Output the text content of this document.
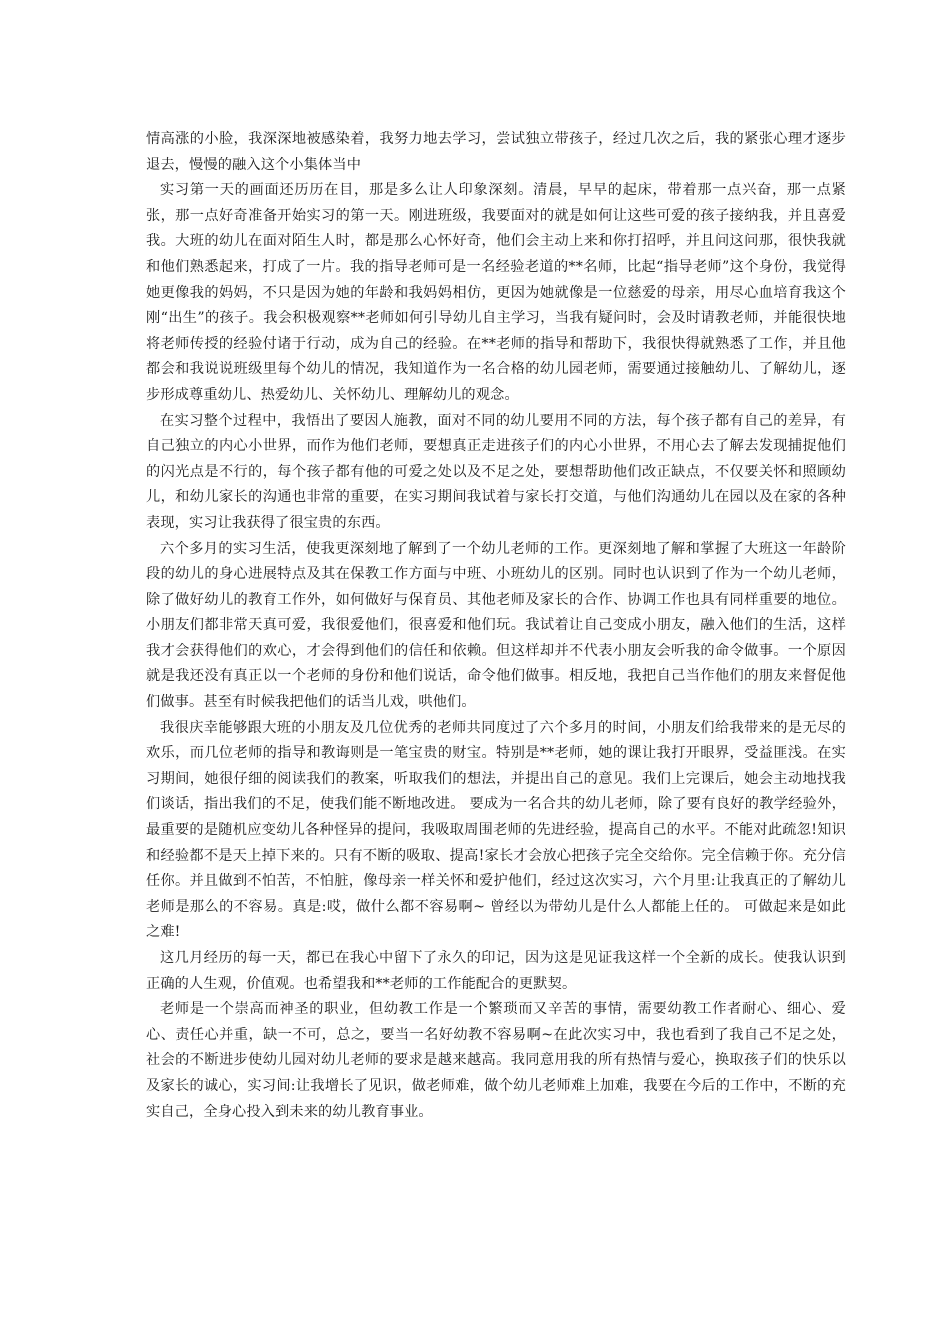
情高涨的小脸，我深深地被感染着，我努力地去学习，尝试独立带孩子，经过几次之后，我的紧张心理才逐步退去，慢慢的融入这个小集体当中

实习第一天的画面还历历在目，那是多么让人印象深刻。清晨，早早的起床，带着那一点兴奋，那一点紧张，那一点好奇准备开始实习的第一天。刚进班级，我要面对的就是如何让这些可爱的孩子接纳我，并且喜爱我。大班的幼儿在面对陌生人时，都是那么心怀好奇，他们会主动上来和你打招呼，并且问这问那，很快我就和他们熟悉起来，打成了一片。我的指导老师可是一名经验老道的**名师，比起“指导老师”这个身份，我觉得她更像我的妈妈，不只是因为她的年龄和我妈妈相仿，更因为她就像是一位慈爱的母亲，用尽心血培育我这个刚“出生”的孩子。我会积极观察**老师如何引导幼儿自主学习，当我有疑问时，会及时请教老师，并能很快地将老师传授的经验付诸于行动，成为自己的经验。在**老师的指导和帮助下，我很快得就熟悉了工作，并且他都会和我说说班级里每个幼儿的情况，我知道作为一名合格的幼儿园老师，需要通过接触幼儿、了解幼儿，逐步形成尊重幼儿、热爱幼儿、关怀幼儿、理解幼儿的观念。

在实习整个过程中，我悟出了要因人施教，面对不同的幼儿要用不同的方法，每个孩子都有自己的差异，有自己独立的内心小世界，而作为他们老师，要想真正走进孩子们的内心小世界，不用心去了解去发现捕捉他们的闪光点是不行的，每个孩子都有他的可爱之处以及不足之处，要想帮助他们改正缺点，不仅要关怀和照顾幼儿，和幼儿家长的沟通也非常的重要，在实习期间我试着与家长打交道，与他们沟通幼儿在园以及在家的各种表现，实习让我获得了很宝贵的东西。

六个多月的实习生活，使我更深刻地了解到了一个幼儿老师的工作。更深刻地了解和掌握了大班这一年龄阶段的幼儿的身心进展特点及其在保教工作方面与中班、小班幼儿的区别。同时也认识到了作为一个幼儿老师，除了做好幼儿的教育工作外，如何做好与保育员、其他老师及家长的合作、协调工作也具有同样重要的地位。 小朋友们都非常天真可爱，我很爱他们，很喜爱和他们玩。我试着让自己变成小朋友，融入他们的生活，这样我才会获得他们的欢心，才会得到他们的信任和依赖。但这样却并不代表小朋友会听我的命令做事。一个原因就是我还没有真正以一个老师的身份和他们说话，命令他们做事。相反地，我把自己当作他们的朋友来督促他们做事。甚至有时候我把他们的话当儿戏，哄他们。

我很庆幸能够跟大班的小朋友及几位优秀的老师共同度过了六个多月的时间，小朋友们给我带来的是无尽的欢乐，而几位老师的指导和教诲则是一笔宝贵的财宝。特别是**老师，她的课让我打开眼界，受益匪浅。在实习期间，她很仔细的阅读我们的教案，听取我们的想法，并提出自己的意见。我们上完课后，她会主动地找我们谈话，指出我们的不足，使我们能不断地改进。 要成为一名合共的幼儿老师，除了要有良好的教学经验外，最重要的是随机应变幼儿各种怪异的提问，我吸取周围老师的先进经验，提高自己的水平。不能对此疏忽!知识和经验都不是天上掉下来的。只有不断的吸取、提高!家长才会放心把孩子完全交给你。完全信赖于你。充分信任你。并且做到不怕苦，不怕脏，像母亲一样关怀和爱护他们，经过这次实习，六个月里:让我真正的了解幼儿老师是那么的不容易。真是:哎，做什么都不容易啊~ 曾经以为带幼儿是什么人都能上任的。 可做起来是如此之难!

这几月经历的每一天，都已在我心中留下了永久的印记，因为这是见证我这样一个全新的成长。使我认识到正确的人生观，价值观。也希望我和**老师的工作能配合的更默契。

老师是一个崇高而神圣的职业，但幼教工作是一个繁琐而又辛苦的事情，需要幼教工作者耐心、细心、爱心、责任心并重，缺一不可，总之，要当一名好幼教不容易啊~在此次实习中，我也看到了我自己不足之处，社会的不断进步使幼儿园对幼儿老师的要求是越来越高。我同意用我的所有热情与爱心，换取孩子们的快乐以及家长的诚心，实习间:让我增长了见识，做老师难，做个幼儿老师难上加难，我要在今后的工作中，不断的充实自己，全身心投入到未来的幼儿教育事业。
